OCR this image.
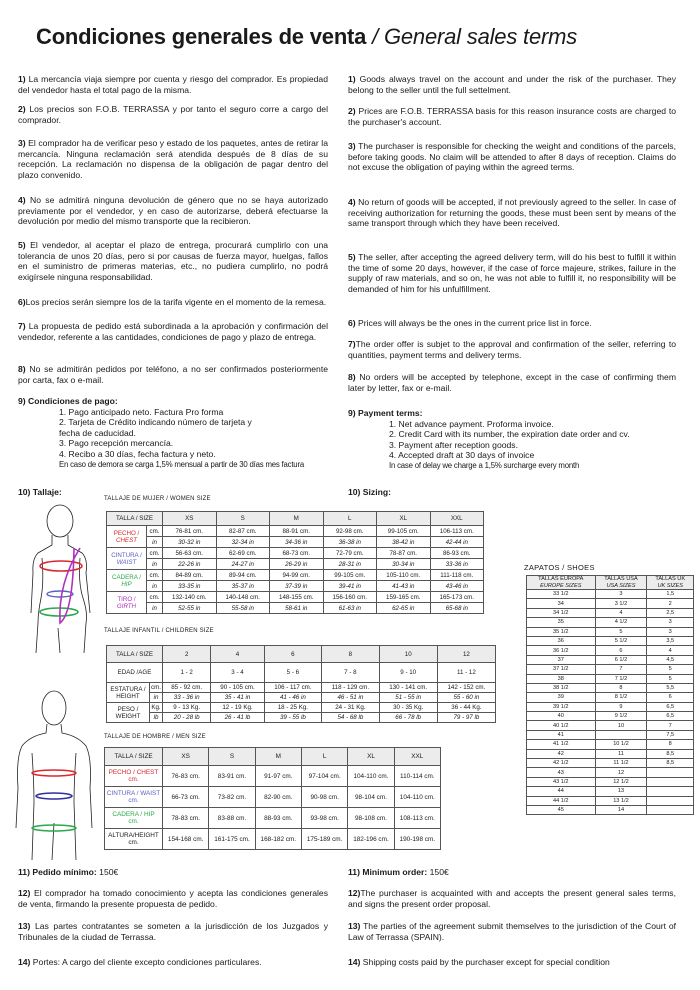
Condiciones generales de venta / General sales terms
1) La mercancía viaja siempre por cuenta y riesgo del comprador. Es propiedad del vendedor hasta el total pago de la misma.
2) Los precios son F.O.B. TERRASSA y por tanto el seguro corre a cargo del comprador.
3) El comprador ha de verificar peso y estado de los paquetes, antes de retirar la mercancía. Ninguna reclamación será atendida después de 8 días de su recepción. La reclamación no dispensa de la obligación de pagar dentro del plazo convenido.
4) No se admitirá ninguna devolución de género que no se haya autorizado previamente por el vendedor, y en caso de autorizarse, deberá efectuarse la devolución por medio del mismo transporte que la recibieron.
5) El vendedor, al aceptar el plazo de entrega, procurará cumplirlo con una tolerancia de unos 20 días, pero si por causas de fuerza mayor, huelgas, fallos en el suministro de primeras materias, etc., no pudiera cumplirlo, no podrá exigírsele ninguna responsabilidad.
6)Los precios serán siempre los de la tarifa vigente en el momento de la remesa.
7) La propuesta de pedido está subordinada a la aprobación y confirmación del vendedor, referente a las cantidades, condiciones de pago y plazo de entrega.
8) No se admitirán pedidos por teléfono, a no ser confirmados posteriormente por carta, fax o e-mail.
9) Condiciones de pago:
1. Pago anticipado neto. Factura Pro forma
2. Tarjeta de Crédito indicando número de tarjeta y
fecha de caducidad.
3. Pago recepción mercancía.
4. Recibo a 30 días, fecha factura y neto.
En caso de demora se carga 1,5% mensual a partir de 30 días mes factura
1) Goods always travel on the account and under the risk of the purchaser. They belong to the seller until the full settelment.
2) Prices are F.O.B. TERRASSA basis for this reason insurance costs are charged to the purchaser's account.
3) The purchaser is responsible for checking the weight and conditions of the parcels, before taking goods. No claim will be attended to after 8 days of reception. Claims do not excuse the obligation of paying within the agreed terms.
4) No return of goods will be accepted, if not previously agreed to the seller. In case of receiving authorization for returning the goods, these must been sent by means of the same transport through which they have been received.
5) The seller, after accepting the agreed delivery term, will do his best to fulfill it within the time of some 20 days, however, if the case of force majeure, strikes, failure in the supply of raw materials, and so on, he was not able to fulfill it, no responsibility will be demanded of him for his unfulfillment.
6) Prices will always be the ones in the current price list in force.
7)The order offer is subjet to the approval and confirmation of the seller, referring to quantities, payment terms and delivery terms.
8) No orders will be accepted by telephone, except in the case of confirming them later by letter, fax or e-mail.
9) Payment terms:
1. Net advance payment. Proforma invoice.
2. Credit Card with its number, the expiration date order and cv.
3. Payment after reception goods.
4. Accepted draft at 30 days of invoice
In case of delay we charge a 1,5% surcharge every month
10) Tallaje:	10) Sizing:
TALLAJE DE MUJER / WOMEN SIZE
TALLA / SIZE		XS	S	M	L	XL	XXL
PECHO /
CHEST	cm.	76-81 cm.	82-87 cm.	88-91 cm.	92-98 cm.	99-105 cm.	106-113 cm.
	in	30-32 in	32-34 in	34-36 in	36-38 in	38-42 in	42-44 in
CINTURA /
WAIST	cm.	56-63 cm.	62-69 cm.	68-73 cm.	72-79 cm.	78-87 cm.	86-93 cm.
	in	22-26 in	24-27 in	26-29 in	28-31 in	30-34 in	33-36 in
CADERA /
HIP	cm.	84-89 cm.	89-94 cm.	94-99 cm.	99-105 cm.	105-110 cm.	111-118 cm.
	in	33-35 in	35-37 in	37-39 in	39-41 in	41-43 in	43-46 in
TIRO /
GIRTH	cm.	132-140 cm.	140-148 cm.	148-155 cm.	156-160 cm.	159-165 cm.	165-173 cm.
	in	52-55 in	55-58 in	58-61 in	61-63 in	62-65 in	65-68 in
TALLAJE INFANTIL / CHILDREN SIZE
TALLA / SIZE		2	4	6	8	10	12
EDAD /AGE		1 - 2	3 - 4	5 - 6	7 - 8	9 - 10	11 - 12
ESTATURA /
HEIGHT	cm.	85 - 92 cm.	90 - 105 cm.	106 - 117 cm.	118 - 129 cm.	130 - 141 cm.	142 - 152 cm.
	in	33 - 36 in	35 - 41 in	41 - 46 in	46 - 51 in	51 - 55 in	55 - 60 in
PESO /
WEIGHT	Kg.	9 - 13 Kg.	12 - 19 Kg.	18 - 25 Kg.	24 - 31 Kg.	30 - 35 Kg.	36 - 44 Kg.
	lb	20 - 28 lb	26 - 41 lb	39 - 55 lb	54 - 68 lb	66 - 78 lb	79 - 97 lb
TALLAJE DE HOMBRE / MEN SIZE
TALLA / SIZE	XS	S	M	L	XL	XXL
PECHO / CHEST
cm.	76-83 cm.	83-91 cm.	91-97 cm.	97-104 cm.	104-110 cm.	110-114 cm.
CINTURA / WAIST
cm.	66-73 cm.	73-82 cm.	82-90 cm.	90-98 cm.	98-104 cm.	104-110 cm.
CADERA / HIP
cm.	78-83 cm.	83-88 cm.	88-93 cm.	93-98 cm.	98-108 cm.	108-113 cm.
ALTURA/HEIGHT
cm.	154-168 cm.	161-175 cm.	168-182 cm.	175-189 cm.	182-196 cm.	190-198 cm.
ZAPATOS / SHOES
TALLAS EUROPA	TALLAS USA	TALLAS UK
EUROPE SIZES	USA SIZES	UK SIZES
33 1/2	3	1,5
34	3 1/2	2
34 1/2	4	2,5
35	4 1/2	3
35 1/2	5	3
36	5 1/2	3,5
36 1/2	6	4
37	6 1/2	4,5
37 1/2	7	5
38	7 1/2	5
38 1/2	8	5,5
39	8 1/2	6
39 1/2	9	6,5
40	9 1/2	6,5
40 1/2	10	7
41		7,5
41 1/2	10 1/2	8
42	11	8,5
42 1/2	11 1/2	8,5
43	12	
43 1/2	12 1/2	
44	13	
44 1/2	13 1/2	
45	14	
11) Pedido mínimo: 150€
12) El comprador ha tomado conocimiento y acepta las condiciones generales de venta, firmando la presente propuesta de pedido.
13) Las partes contratantes se someten a la jurisdicción de los Juzgados y Tribunales de la ciudad de Terrassa.
14) Portes: A cargo del cliente excepto condiciones particulares.
11) Minimum order: 150€
12)The purchaser is acquainted with and accepts the present general sales terms, and signs the present order proposal.
13) The parties of the agreement submit themselves to the jurisdiction of the Court of Law of Terrassa (SPAIN).
14) Shipping costs paid by the purchaser except for special condition
